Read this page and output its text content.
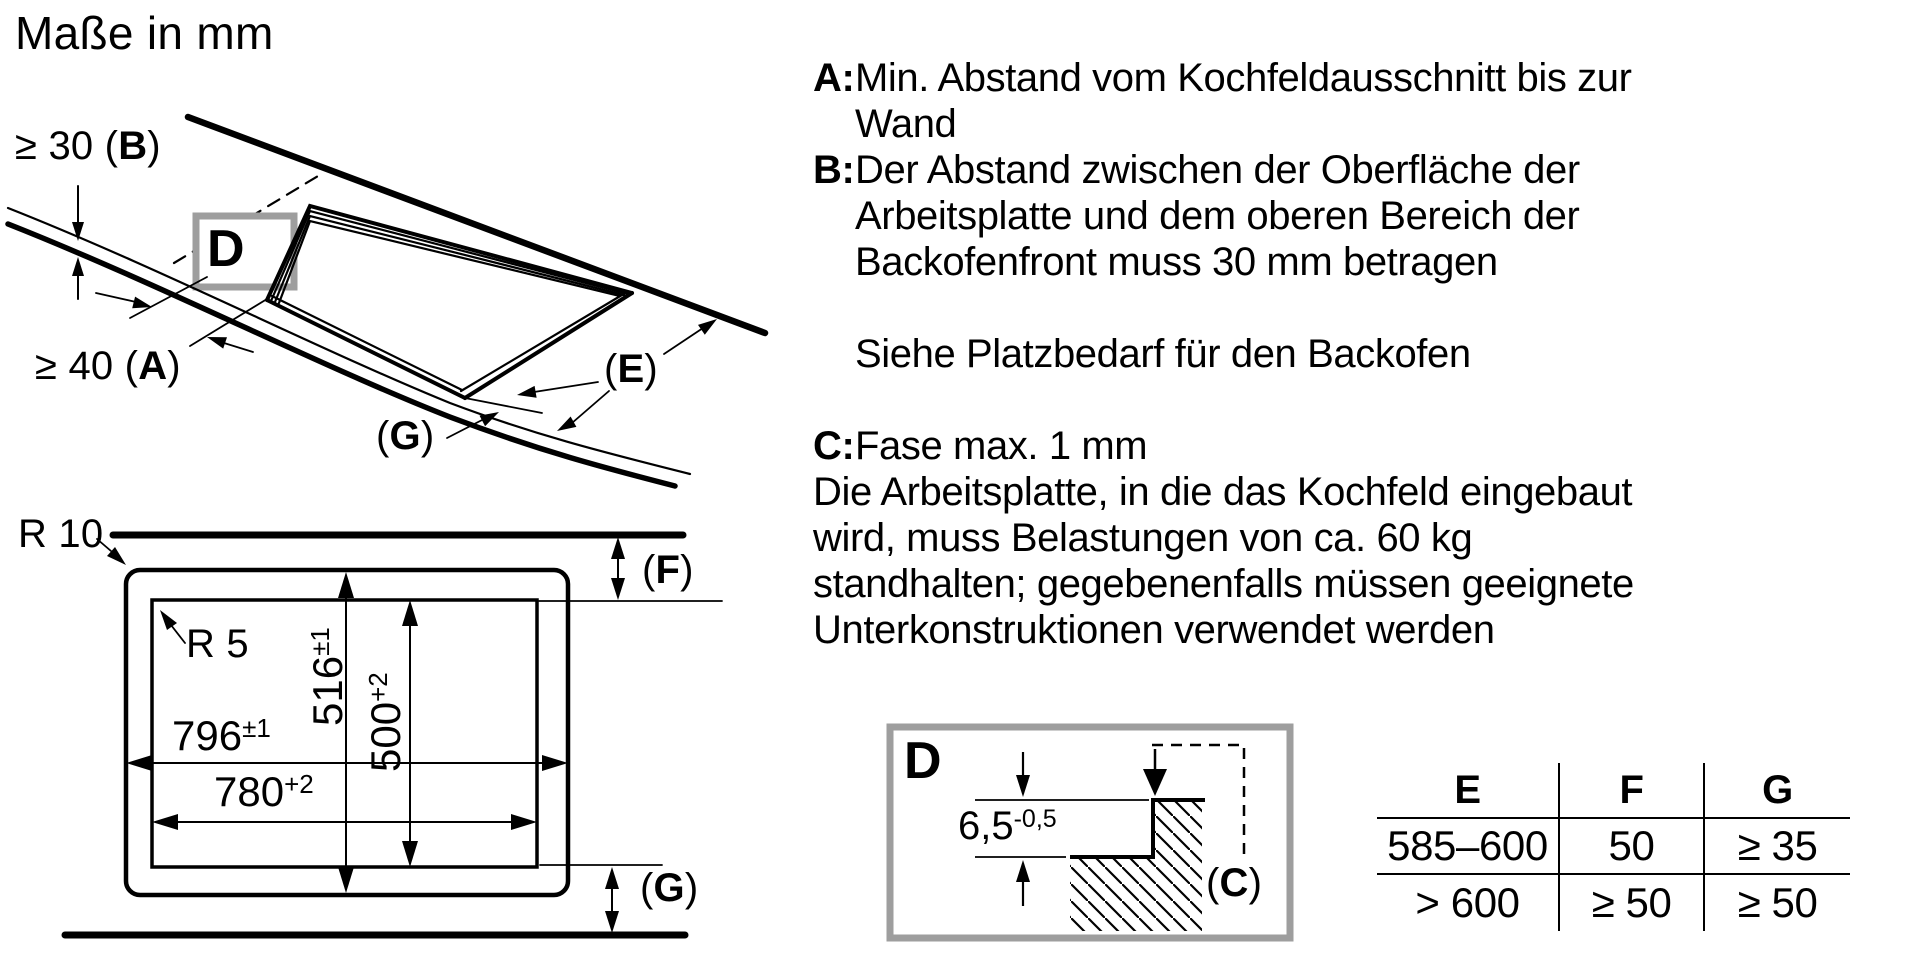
Maße in mm
≥ 30 (B)
≥ 40 (A)
D
(E)
(G)
R 10
R 5
$796^{\pm 1}$
$780^{+2}$
$516^{\pm 1}$
$500^{+2}$
(F)
(G)
D
$6,5^{-0,5}$
(C)
A: Min. Abstand vom Kochfeldausschnitt bis zur
Wand
B: Der Abstand zwischen der Oberfläche der
Arbeitsplatte und dem oberen Bereich der
Backofenfront muss 30 mm betragen
Siehe Platzbedarf für den Backofen
C: Fase max. 1 mm
Die Arbeitsplatte, in die das Kochfeld eingebaut
wird, muss Belastungen von ca. 60 kg
standhalten; gegebenenfalls müssen geeignete
Unterkonstruktionen verwendet werden
E	F	G
585–600	50	≥ 35
> 600	≥ 50	≥ 50
